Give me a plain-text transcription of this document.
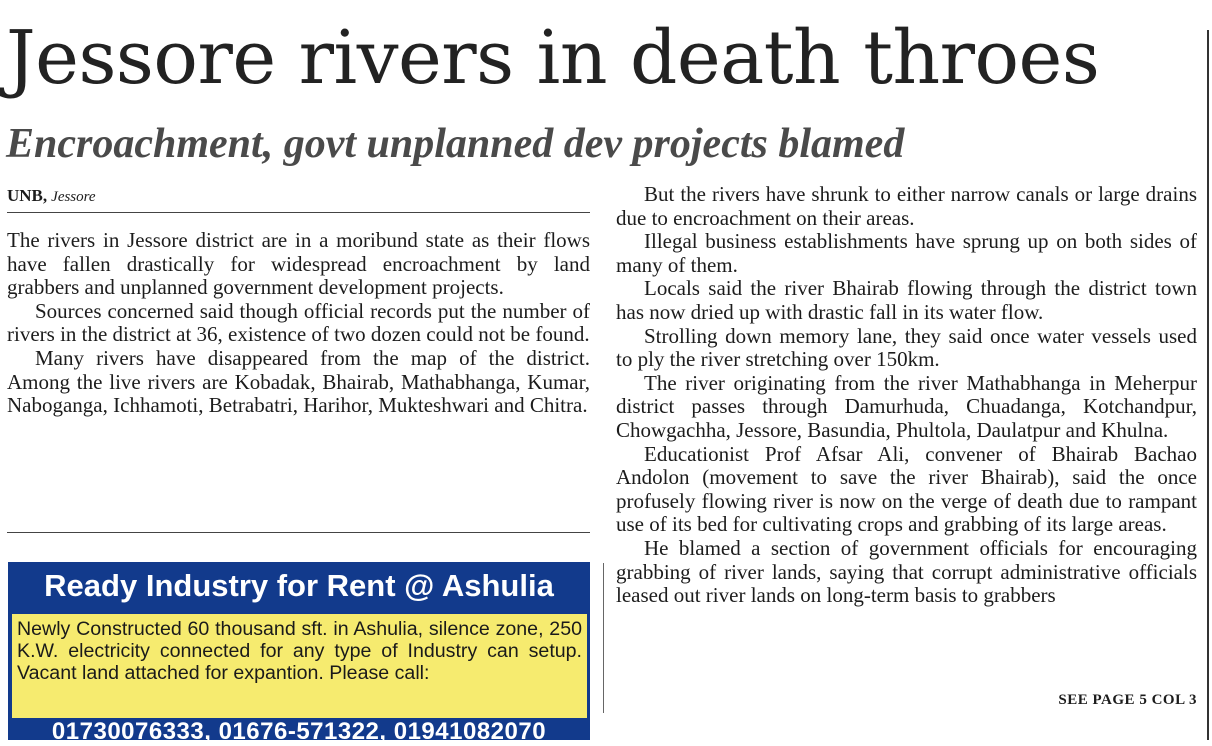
Jessore rivers in death throes
Encroachment, govt unplanned dev projects blamed
UNB, Jessore

The rivers in Jessore district are in a moribund state as their flows have fallen drastically for widespread encroachment by land grabbers and unplanned government development projects.

Sources concerned said though official records put the number of rivers in the district at 36, existence of two dozen could not be found.

Many rivers have disappeared from the map of the district. Among the live rivers are Kobadak, Bhairab, Mathabhanga, Kumar, Naboganga, Ichhamoti, Betrabatri, Harihor, Mukteshwari and Chitra.

But the rivers have shrunk to either narrow canals or large drains due to encroachment on their areas.

Illegal business establishments have sprung up on both sides of many of them.

Locals said the river Bhairab flowing through the district town has now dried up with drastic fall in its water flow.

Strolling down memory lane, they said once water vessels used to ply the river stretching over 150km.

The river originating from the river Mathabhanga in Meherpur district passes through Damurhuda, Chuadanga, Kotchandpur, Chowgachha, Jessore, Basundia, Phultola, Daulatpur and Khulna.

Educationist Prof Afsar Ali, convener of Bhairab Bachao Andolon (movement to save the river Bhairab), said the once profusely flowing river is now on the verge of death due to rampant use of its bed for cultivating crops and grabbing of its large areas.

He blamed a section of government officials for encouraging grabbing of river lands, saying that corrupt administrative officials leased out river lands on long-term basis to grabbers

SEE PAGE 5 COL 3
Ready Industry for Rent @ Ashulia
Newly Constructed 60 thousand sft. in Ashulia, silence zone, 250 K.W. electricity connected for any type of Industry can setup. Vacant land attached for expantion. Please call:
01730076333, 01676-571322, 01941082070
